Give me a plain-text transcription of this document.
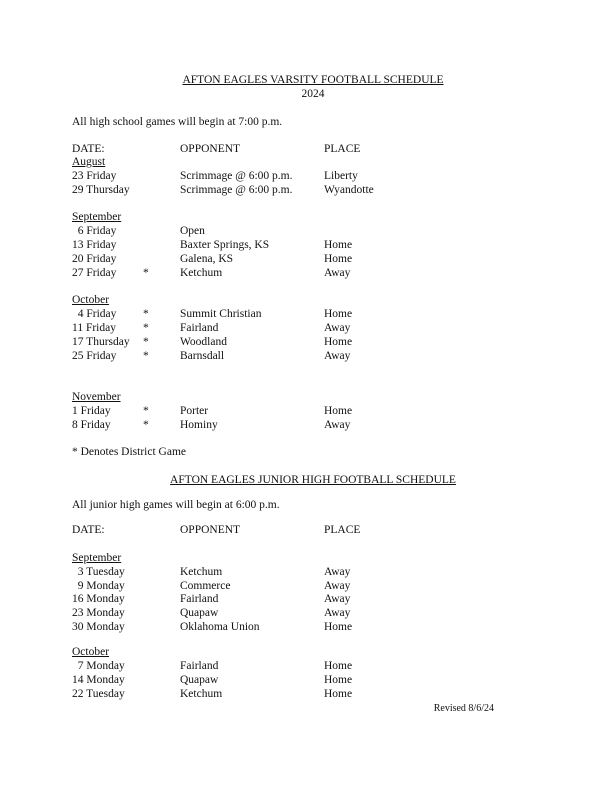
AFTON EAGLES VARSITY FOOTBALL SCHEDULE
2024
All high school games will begin at 7:00 p.m.
DATE:	OPPONENT	PLACE
August
23 Friday	Scrimmage @ 6:00 p.m.	Liberty
29 Thursday	Scrimmage @ 6:00 p.m.	Wyandotte
September
6 Friday	Open
13 Friday	Baxter Springs, KS	Home
20 Friday	Galena, KS	Home
27 Friday *	Ketchum	Away
October
4 Friday *	Summit Christian	Home
11 Friday *	Fairland	Away
17 Thursday *	Woodland	Home
25 Friday *	Barnsdall	Away
November
1 Friday	*	Porter	Home
8 Friday	*	Hominy	Away
* Denotes District Game
AFTON EAGLES JUNIOR HIGH FOOTBALL SCHEDULE
All junior high games will begin at 6:00 p.m.
DATE:	OPPONENT	PLACE
September
3 Tuesday	Ketchum	Away
9 Monday	Commerce	Away
16 Monday	Fairland	Away
23 Monday	Quapaw	Away
30 Monday	Oklahoma Union	Home
October
7 Monday	Fairland	Home
14 Monday	Quapaw	Home
22 Tuesday	Ketchum	Home
Revised 8/6/24
